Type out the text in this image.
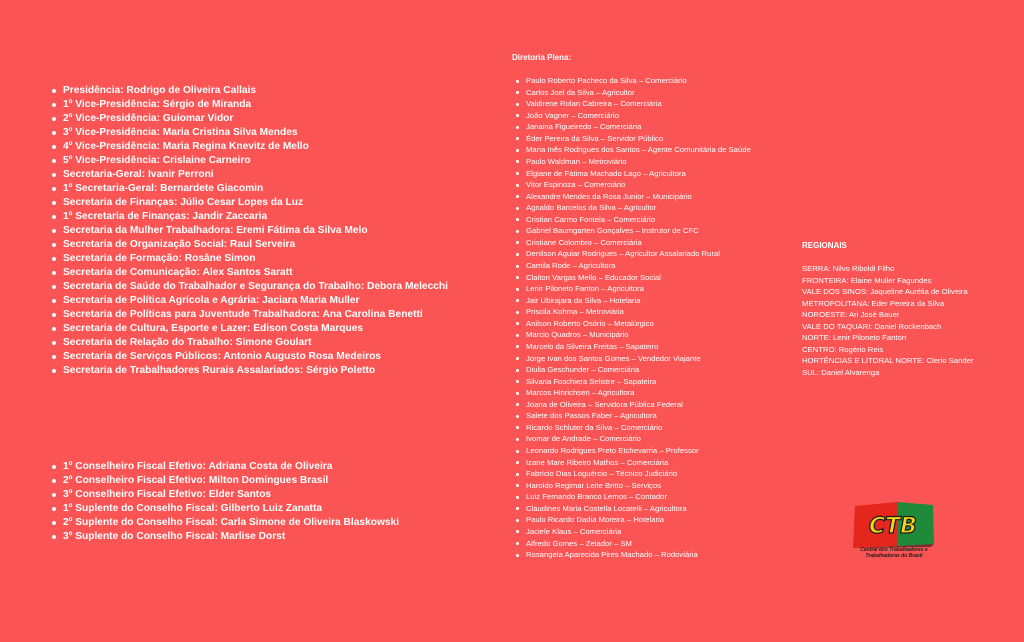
Presidência: Rodrigo de Oliveira Callais
1º Vice-Presidência: Sérgio de Miranda
2º Vice-Presidência: Guiomar Vidor
3º Vice-Presidência: Maria Cristina Silva Mendes
4º Vice-Presidência: Maria Regina Knevitz de Mello
5º Vice-Presidência: Crislaine Carneiro
Secretaria-Geral: Ivanir Perroni
1º Secretaria-Geral: Bernardete Giacomin
Secretaria de Finanças: Júlio Cesar Lopes da Luz
1º Secretaria de Finanças: Jandir Zaccaria
Secretaria da Mulher Trabalhadora: Eremi Fátima da Silva Melo
Secretaria de Organização Social: Raul Serveira
Secretaria de Formação: Rosâne Simon
Secretaria de Comunicação: Alex Santos Saratt
Secretaria de Saúde do Trabalhador e Segurança do Trabalho: Debora Melecchi
Secretaria de Política Agrícola e Agrária: Jaciara Maria Muller
Secretaria de Políticas para Juventude Trabalhadora: Ana Carolina Benetti
Secretaria de Cultura, Esporte e Lazer: Edison Costa Marques
Secretaria de Relação do Trabalho: Simone Goulart
Secretaria de Serviços Públicos: Antonio Augusto Rosa Medeiros
Secretaria de Trabalhadores Rurais Assalariados: Sérgio Poletto
1º Conselheiro Fiscal Efetivo: Adriana Costa de Oliveira
2º Conselheiro Fiscal Efetivo: Milton Domingues Brasil
3º Conselheiro Fiscal Efetivo: Elder Santos
1º Suplente do Conselho Fiscal: Gilberto Luiz Zanatta
2º Suplente do Conselho Fiscal: Carla Simone de Oliveira Blaskowski
3º Suplente do Conselho Fiscal: Marlise Dorst
Diretoria Plena:
Paulo Roberto Pacheco da Silva – Comerciário
Carlos Joel da Silva – Agricultor
Valdirene Rolan Cabreira – Comerciária
João Vagner – Comerciário
Janaina Figueiredo – Comerciária
Éder Pereira da Silva – Servidor Público
Maria Inês Rodrigues dos Santos – Agente Comunitária de Saúde
Paulo Waldman – Metroviário
Elgiane de Fátima Machado Lago – Agricultora
Vitor Espinoza – Comerciário
Alexandre Mendes da Rosa Junior – Municipário
Agnaldo Barcelos da Silva – Agricultor
Cristian Carmo Fontela – Comerciário
Gabriel Baumgarten Gonçalves – Instrutor de CFC
Cristiane Colombro – Comerciária
Denilson Aguiar Rodrigues – Agricultor Assalariado Rural
Camila Rode – Agricultora
Claiton Vargas Mello – Educador Social
Lenir Piloneto Fanton – Agricultora
Jair Ubirajara da Silva – Hotelaria
Priscila Kohma – Metroviária
Anilson Roberto Osório – Metalúrgico
Marcio Quadros – Municipário
Marcelo da Silveira Freitas – Sapateiro
Jorge Ivan dos Santos Gomes – Vendedor Viajante
Diulia Geschunder – Comerciária
Silvana Foschiera Selistre – Sapateira
Marcos Hinrichsen – Agricultora
Joana de Oliveira – Servidora Pública Federal
Salete dos Passos Faber – Agricultora
Ricardo Schluter da Silva – Comerciário
Ivomar de Andrade – Comerciário
Leonardo Rodrigues Preto Etchevarria – Professor
Izane Mare Ribeiro Mathos – Comerciária
Fabrício Dias Loguércio – Técnico Judiciário
Haroldo Regimar Leite Britto – Serviços
Luiz Fernando Branco Lemos – Contador
Claudines Maria Costella Locatelli – Agricultora
Paulo Ricardo Dadia Moreira – Hotelaria
Jaciele Klaus – Comerciária
Alfredo Gomes – Zelador – SM
Rosangela Aparecida Pires Machado – Rodoviária
REGIONAIS
SERRA: Nilvo Riboldi Filho
FRONTEIRA: Elaine Muller Fagundes
VALE DOS SINOS: Jaqueline Aurélia de Oliveira
METROPOLITANA: Eder Pereira da Silva
NOROESTE: Ari José Bauer
VALE DO TAQUARI: Daniel Rockenbach
NORTE: Lenir Piloneto Fanton
CENTRO: Rogério Reis
HORTÊNCIAS E LITORAL NORTE: Clerio Sander
SUL: Daniel Alvarenga
CTB
Central dos Trabalhadores e Trabalhadoras do Brasil
